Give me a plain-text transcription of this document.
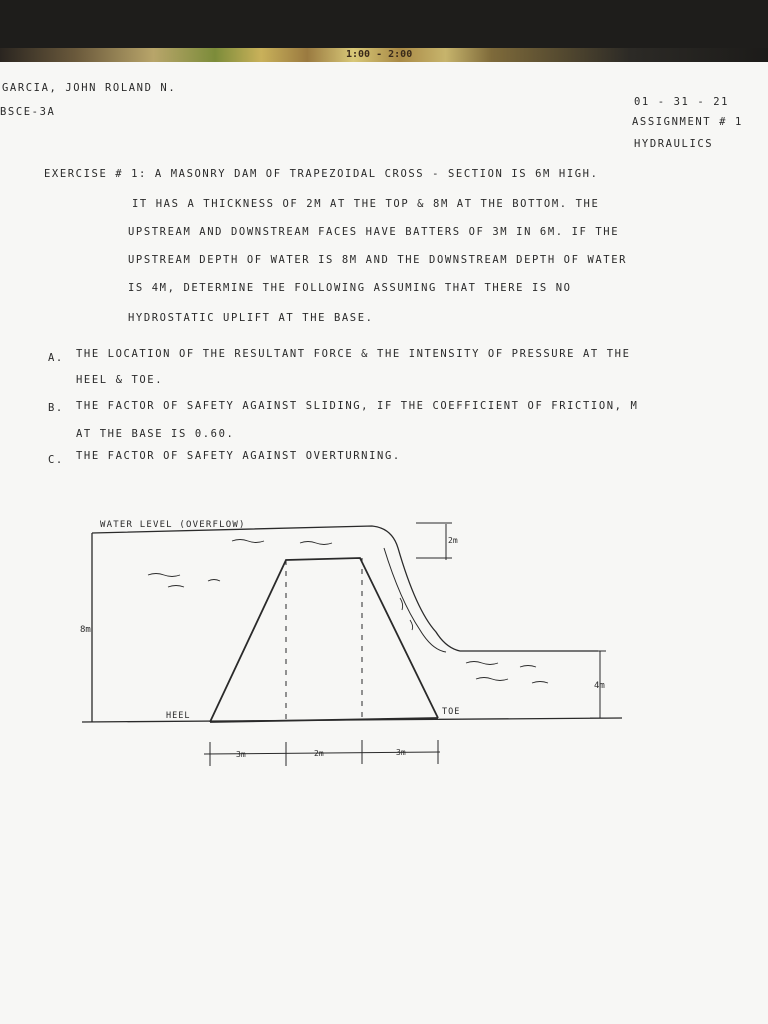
1:00 - 2:00
GARCIA, JOHN ROLAND N.
BSCE-3A
01 - 31 - 21
ASSIGNMENT # 1
HYDRAULICS
EXERCISE # 1: A MASONRY DAM OF TRAPEZOIDAL CROSS - SECTION IS 6M HIGH.
IT HAS A THICKNESS OF 2M AT THE TOP & 8M AT THE BOTTOM. THE
UPSTREAM AND DOWNSTREAM FACES HAVE BATTERS OF 3M IN 6M. IF THE
UPSTREAM DEPTH OF WATER IS 8M AND THE DOWNSTREAM DEPTH OF WATER
IS 4M, DETERMINE THE FOLLOWING ASSUMING THAT THERE IS NO
HYDROSTATIC UPLIFT AT THE BASE.
A. THE LOCATION OF THE RESULTANT FORCE & THE INTENSITY OF PRESSURE AT THE
HEEL & TOE.
B. THE FACTOR OF SAFETY AGAINST SLIDING, IF THE COEFFICIENT OF FRICTION, Μ
AT THE BASE IS 0.60.
C. THE FACTOR OF SAFETY AGAINST OVERTURNING.
WATER LEVEL (OVERFLOW)
2m
8m
4m
HEEL	TOE
3m	2m	3m
